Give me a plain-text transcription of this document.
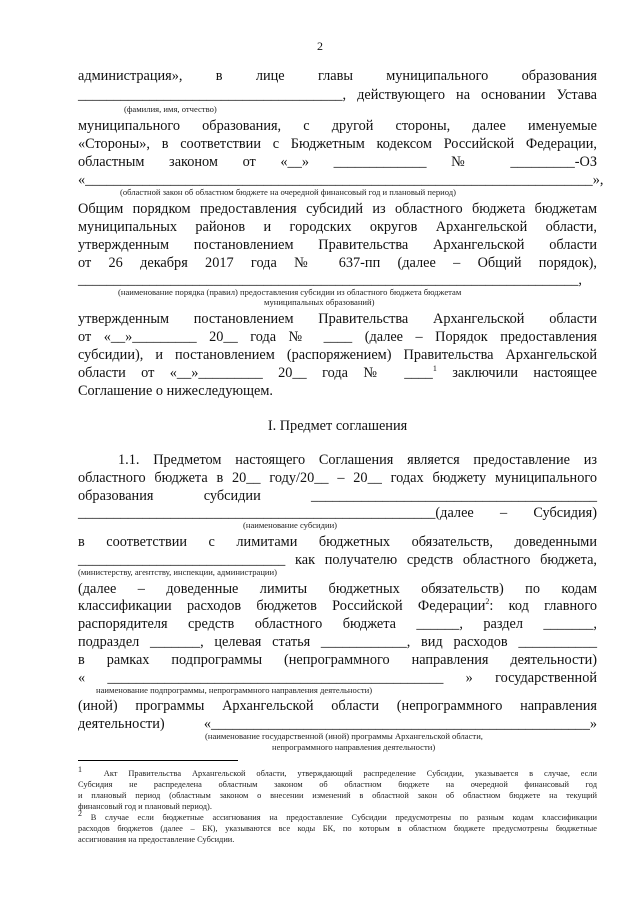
2
администрация», в лице главы муниципального образования
_____________________________________, действующего на основании Устава
(фамилия, имя, отчество)
муниципального образования, с другой стороны, далее именуемые
«Стороны», в соответствии с Бюджетным кодексом Российской Федерации,
областным законом от «__» _____________ № _________-ОЗ
«_______________________________________________________________________»,
(областной закон об областном бюджете на очередной финансовый год и плановый период)
Общим порядком предоставления субсидий из областного бюджета бюджетам
муниципальных районов и городских округов Архангельской области,
утвержденным постановлением Правительства Архангельской области
от 26 декабря 2017 года № 637-пп (далее – Общий порядок),
______________________________________________________________________,
(наименование порядка (правил) предоставления субсидии из областного бюджета бюджетам
муниципальных образований)
утвержденным постановлением Правительства Архангельской области
от «__»_________ 20__ года № ____ (далее – Порядок предоставления
субсидии), и постановлением (распоряжением) Правительства Архангельской
области от «__»_________ 20__ года № ____$^1$ заключили настоящее
Соглашение о нижеследующем.
I. Предмет соглашения
1.1. Предметом настоящего Соглашения является предоставление из
областного бюджета в 20__ году/20__ – 20__ годах бюджету муниципального
образования субсидии ________________________________________
__________________________________________________(далее – Субсидия)
(наименование субсидии)
в соответствии с лимитами бюджетных обязательств, доведенными
_____________________________ как получателю средств областного бюджета,
(министерству, агентству, инспекции, администрации)
(далее – доведенные лимиты бюджетных обязательств) по кодам
классификации расходов бюджетов Российской Федерации$^2$: код главного
распорядителя средств областного бюджета ______, раздел _______,
подраздел _______, целевая статья ____________, вид расходов ___________
в рамках подпрограммы (непрограммного направления деятельности)
« _______________________________________________ » государственной
наименование подпрограммы, непрограммного направления деятельности)
(иной) программы Архангельской области (непрограммного направления
деятельности) «_____________________________________________________»
(наименование государственной (иной) программы Архангельской области,
непрограммного направления деятельности)
$^1$	Акт Правительства Архангельской области, утверждающий распределение Субсидии, указывается в случае, если
Субсидия не распределена областным законом об областном бюджете на очередной финансовый год
и плановый период (областным законом о внесении изменений в областной закон об областном бюджете на текущий
финансовый год и плановый период).
$^2$ В случае если бюджетные ассигнования на предоставление Субсидии предусмотрены по разным кодам классификации
расходов бюджетов (далее – БК), указываются все коды БК, по которым в областном бюджете предусмотрены бюджетные
ассигнования на предоставление Субсидии.
